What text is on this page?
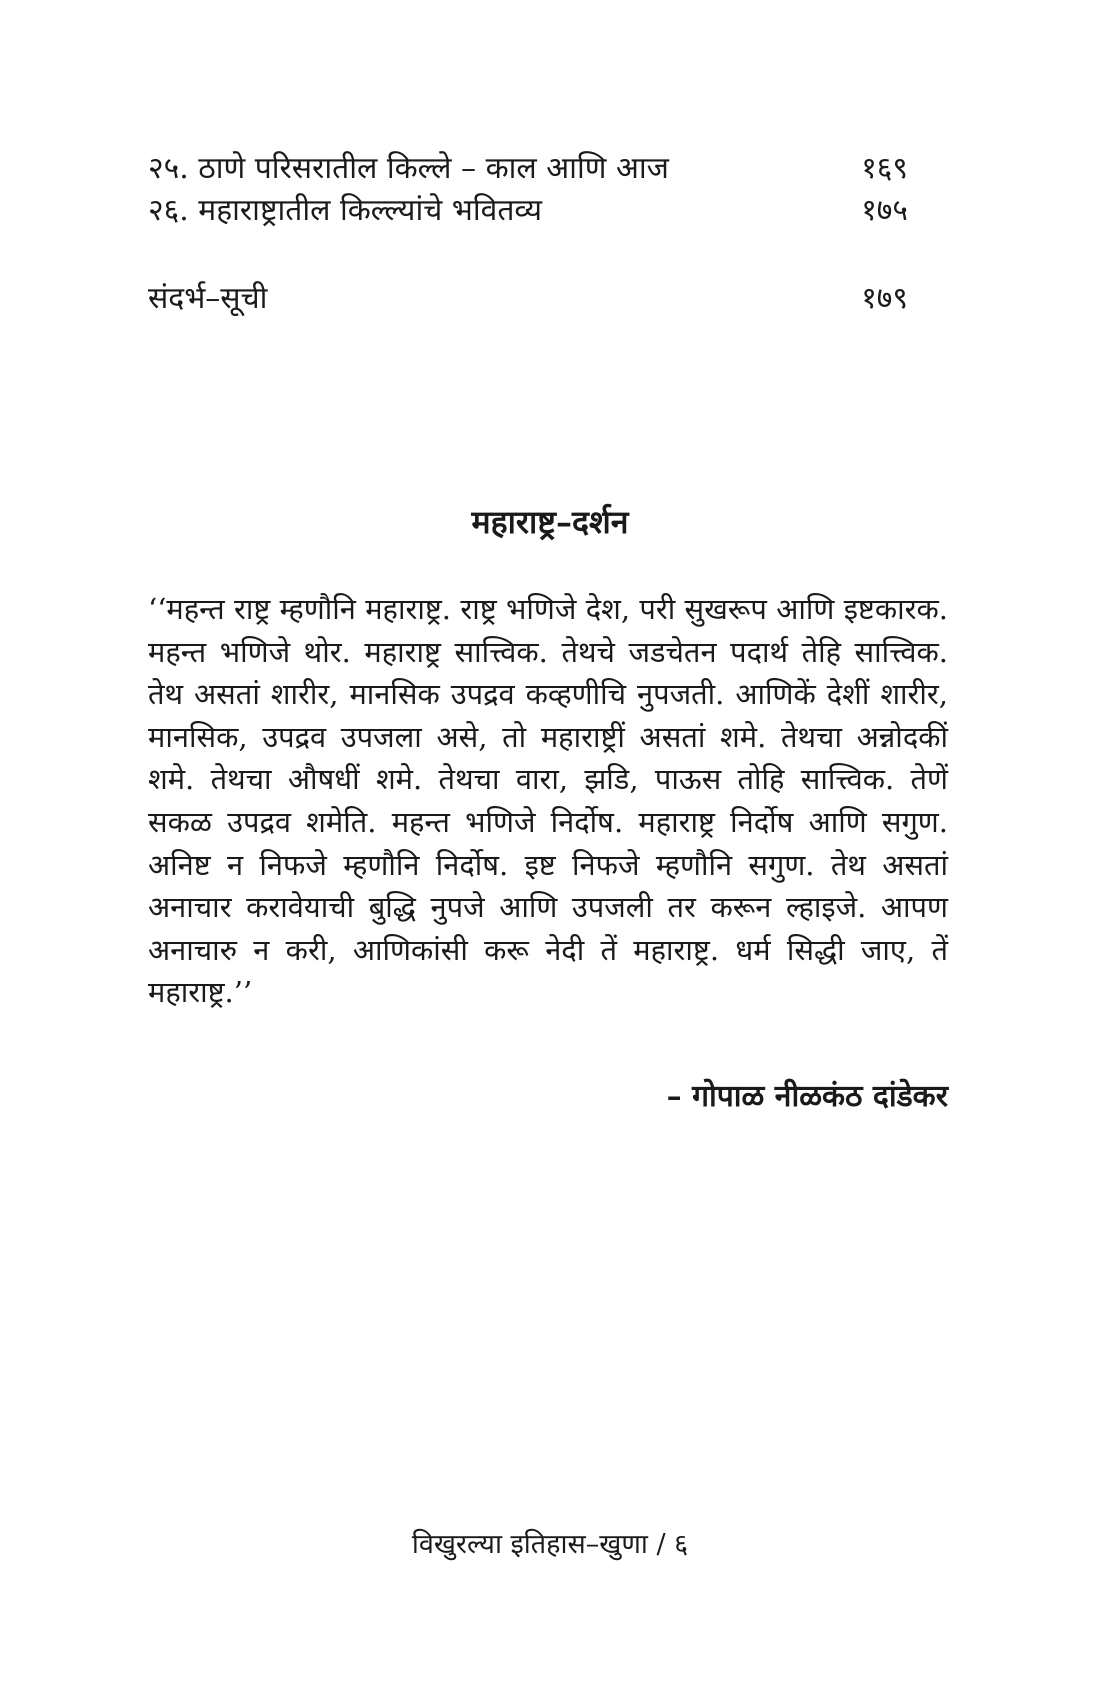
२५. ठाणे परिसरातील किल्ले – काल आणि आज	१६९
२६. महाराष्ट्रातील किल्ल्यांचे भवितव्य	१७५
संदर्भ–सूची	१७९
महाराष्ट्र–दर्शन

‘‘महन्त राष्ट्र म्हणौनि महाराष्ट्र. राष्ट्र भणिजे देश, परी सुखरूप आणि इष्टकारक. महन्त भणिजे थोर. महाराष्ट्र सात्त्विक. तेथचे जडचेतन पदार्थ तेहि सात्त्विक. तेथ असतां शारीर, मानसिक उपद्रव कव्हणीचि नुपजती. आणिकें देशीं शारीर, मानसिक, उपद्रव उपजला असे, तो महाराष्ट्रीं असतां शमे. तेथचा अन्नोदकीं शमे. तेथचा औषधीं शमे. तेथचा वारा, झडि, पाऊस तोहि सात्त्विक. तेणें सकळ उपद्रव शमेति. महन्त भणिजे निर्दोष. महाराष्ट्र निर्दोष आणि सगुण. अनिष्ट न निफजे म्हणौनि निर्दोष. इष्ट निफजे म्हणौनि सगुण. तेथ असतां अनाचार करावेयाची बुद्धि नुपजे आणि उपजली तर करून ल्हाइजे. आपण अनाचारु न करी, आणिकांसी करू नेदी तें महाराष्ट्र. धर्म सिद्धी जाए, तें महाराष्ट्र.’’

– गोपाळ नीळकंठ दांडेकर
विखुरल्या इतिहास–खुणा / ६
